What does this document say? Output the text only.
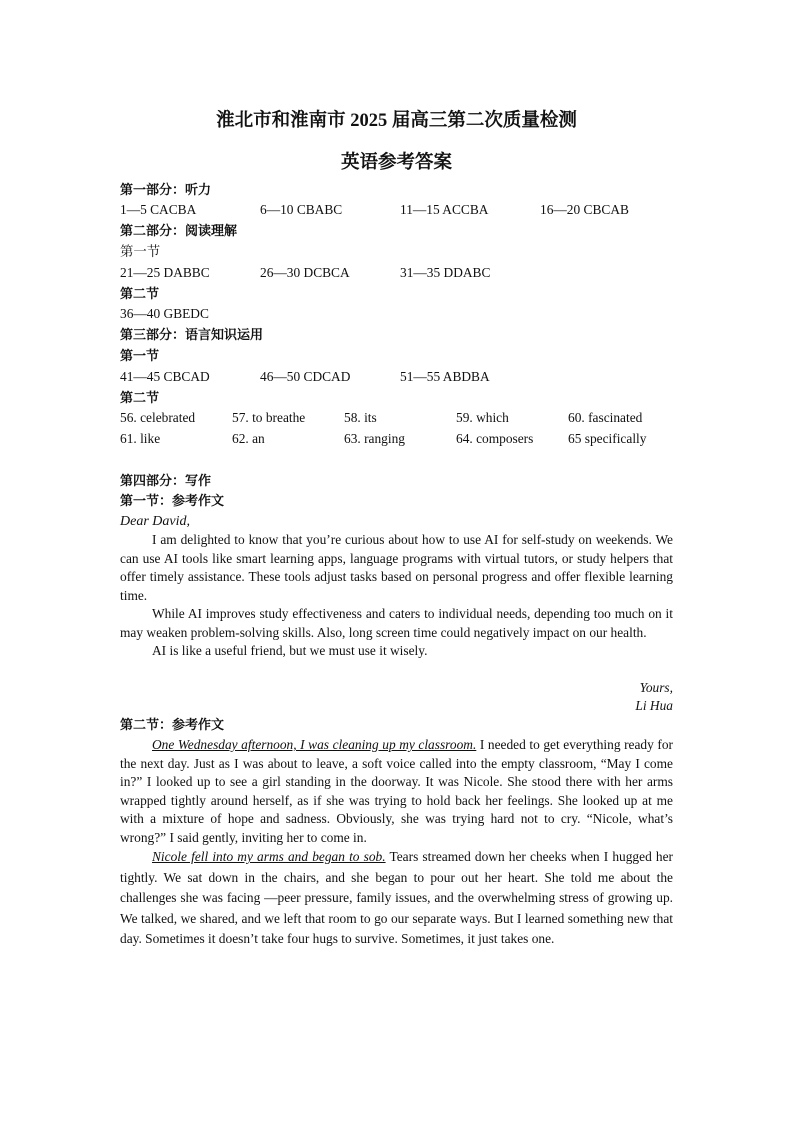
淮北市和淮南市 2025 届高三第二次质量检测
英语参考答案
第一部分：听力
1—5 CACBA	6—10 CBABC	11—15 ACCBA	16—20 CBCAB
第二部分：阅读理解
第一节
21—25 DABBC	26—30 DCBCA	31—35 DDABC
第二节
36—40 GBEDC
第三部分：语言知识运用
第一节
41—45 CBCAD	46—50 CDCAD	51—55 ABDBA
第二节
56. celebrated	57. to breathe	58. its	59. which	60. fascinated
61. like	62. an	63. ranging	64. composers	65 specifically
第四部分：写作
第一节：参考作文
Dear David,

I am delighted to know that you’re curious about how to use AI for self-study on weekends. We can use AI tools like smart learning apps, language programs with virtual tutors, or study helpers that offer timely assistance. These tools adjust tasks based on personal progress and offer flexible learning time.

While AI improves study effectiveness and caters to individual needs, depending too much on it may weaken problem-solving skills. Also, long screen time could negatively impact on our health.

AI is like a useful friend, but we must use it wisely.

Yours,
Li Hua
第二节：参考作文

One Wednesday afternoon, I was cleaning up my classroom. I needed to get everything ready for the next day. Just as I was about to leave, a soft voice called into the empty classroom, “May I come in?” I looked up to see a girl standing in the doorway. It was Nicole. She stood there with her arms wrapped tightly around herself, as if she was trying to hold back her feelings. She looked up at me with a mixture of hope and sadness. Obviously, she was trying hard not to cry. “Nicole, what’s wrong?” I said gently, inviting her to come in.

Nicole fell into my arms and began to sob. Tears streamed down her cheeks when I hugged her tightly. We sat down in the chairs, and she began to pour out her heart. She told me about the challenges she was facing —peer pressure, family issues, and the overwhelming stress of growing up. We talked, we shared, and we left that room to go our separate ways. But I learned something new that day. Sometimes it doesn’t take four hugs to survive. Sometimes, it just takes one.
